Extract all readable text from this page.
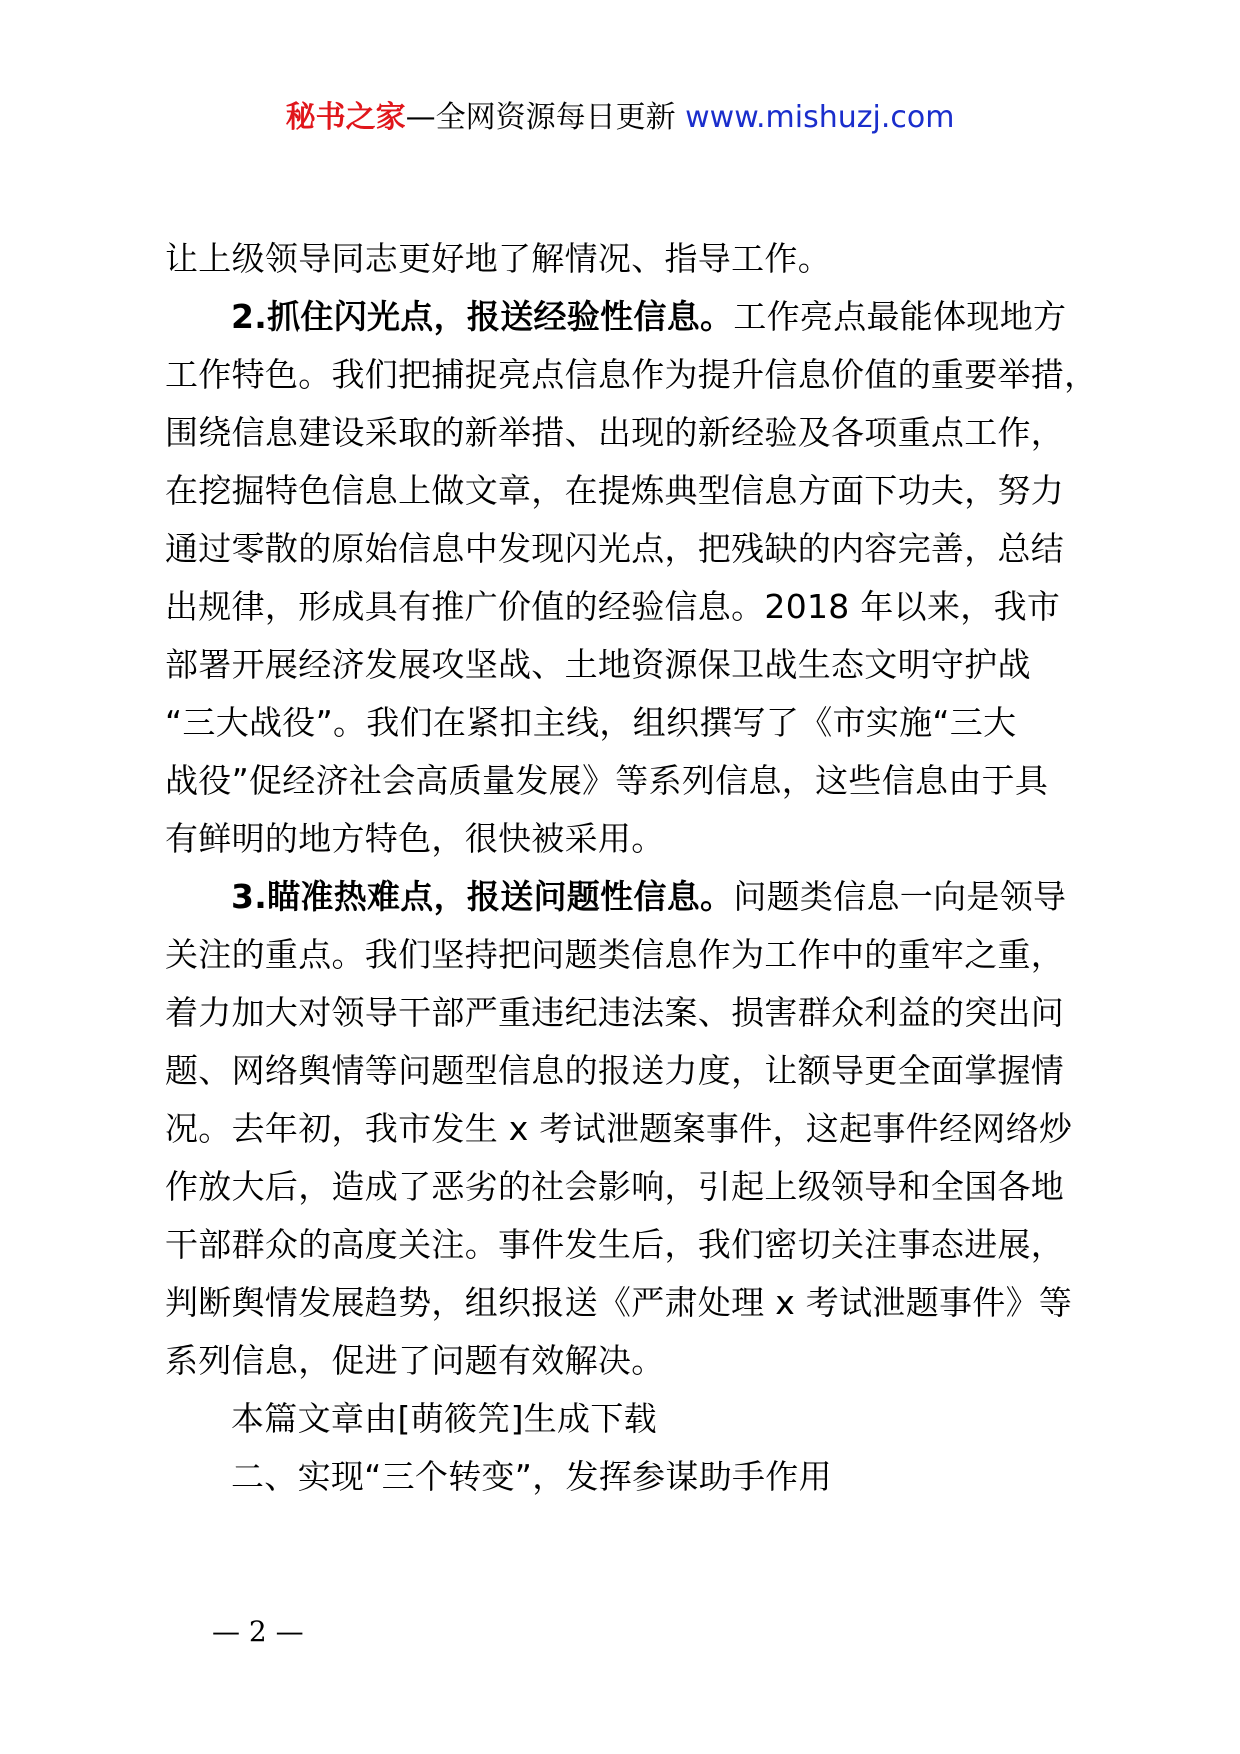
秘书之家—全网资源每日更新 www.mishuzj.com
让上级领导同志更好地了解情况、指导工作。
2.抓住闪光点，报送经验性信息。工作亮点最能体现地方
工作特色。我们把捕捉亮点信息作为提升信息价值的重要举措，
围绕信息建设采取的新举措、出现的新经验及各项重点工作，
在挖掘特色信息上做文章，在提炼典型信息方面下功夫，努力
通过零散的原始信息中发现闪光点，把残缺的内容完善，总结
出规律，形成具有推广价值的经验信息。2018 年以来，我市
部署开展经济发展攻坚战、土地资源保卫战生态文明守护战
“三大战役”。我们在紧扣主线，组织撰写了《市实施“三大
战役”促经济社会高质量发展》等系列信息，这些信息由于具
有鲜明的地方特色，很快被采用。
3.瞄准热难点，报送问题性信息。问题类信息一向是领导
关注的重点。我们坚持把问题类信息作为工作中的重牢之重，
着力加大对领导干部严重违纪违法案、损害群众利益的突出问
题、网络舆情等问题型信息的报送力度，让额导更全面掌握情
况。去年初，我市发生 x 考试泄题案事件，这起事件经网络炒
作放大后，造成了恶劣的社会影响，引起上级领导和全国各地
干部群众的高度关注。事件发生后，我们密切关注事态进展，
判断舆情发展趋势，组织报送《严肃处理 x 考试泄题事件》等
系列信息，促进了问题有效解决。
本篇文章由[萌筱笐]生成下载
二、实现“三个转变”，发挥参谋助手作用
— 2 —
